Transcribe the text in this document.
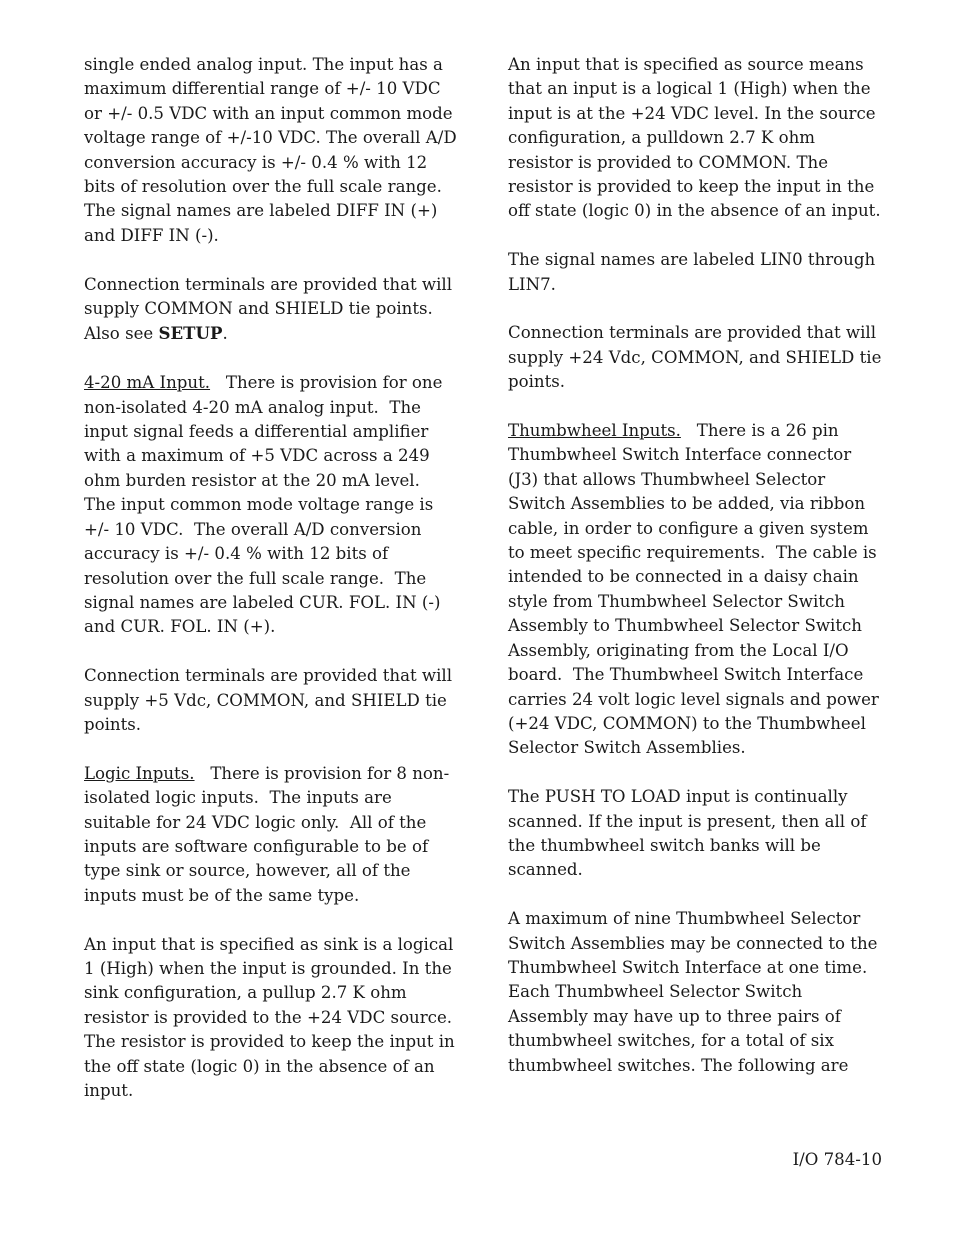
single ended analog input. The input has a maximum differential range of +/- 10 VDC or +/- 0.5 VDC with an input common mode voltage range of +/-10 VDC. The overall A/D conversion accuracy is +/- 0.4 % with 12 bits of resolution over the full scale range. The signal names are labeled DIFF IN (+) and DIFF IN (-).

Connection terminals are provided that will supply COMMON and SHIELD tie points. Also see SETUP.

4-20 mA Input.   There is provision for one non-isolated 4-20 mA analog input.  The input signal feeds a differential amplifier with a maximum of +5 VDC across a 249 ohm burden resistor at the 20 mA level.  The input common mode voltage range is +/- 10 VDC.  The overall A/D conversion accuracy is +/- 0.4 % with 12 bits of resolution over the full scale range.  The signal names are labeled CUR. FOL. IN (-) and CUR. FOL. IN (+).

Connection terminals are provided that will supply +5 Vdc, COMMON, and SHIELD tie points.

Logic Inputs.   There is provision for 8 non-isolated logic inputs.  The inputs are suitable for 24 VDC logic only.  All of the inputs are software configurable to be of type sink or source, however, all of the inputs must be of the same type.

An input that is specified as sink is a logical 1 (High) when the input is grounded. In the sink configuration, a pullup 2.7 K ohm resistor is provided to the +24 VDC source. The resistor is provided to keep the input in the off state (logic 0) in the absence of an input.

An input that is specified as source means that an input is a logical 1 (High) when the input is at the +24 VDC level. In the source configuration, a pulldown 2.7 K ohm resistor is provided to COMMON. The resistor is provided to keep the input in the off state (logic 0) in the absence of an input.

The signal names are labeled LIN0 through LIN7.

Connection terminals are provided that will supply +24 Vdc, COMMON, and SHIELD tie points.

Thumbwheel Inputs.   There is a 26 pin Thumbwheel Switch Interface connector (J3) that allows Thumbwheel Selector Switch Assemblies to be added, via ribbon cable, in order to configure a given system to meet specific requirements.  The cable is intended to be connected in a daisy chain style from Thumbwheel Selector Switch Assembly to Thumbwheel Selector Switch Assembly, originating from the Local I/O board.  The Thumbwheel Switch Interface carries 24 volt logic level signals and power (+24 VDC, COMMON) to the Thumbwheel Selector Switch Assemblies.

The PUSH TO LOAD input is continually scanned. If the input is present, then all of the thumbwheel switch banks will be scanned.

A maximum of nine Thumbwheel Selector Switch Assemblies may be connected to the Thumbwheel Switch Interface at one time. Each Thumbwheel Selector Switch Assembly may have up to three pairs of thumbwheel switches, for a total of six thumbwheel switches. The following are

I/O 784-10
